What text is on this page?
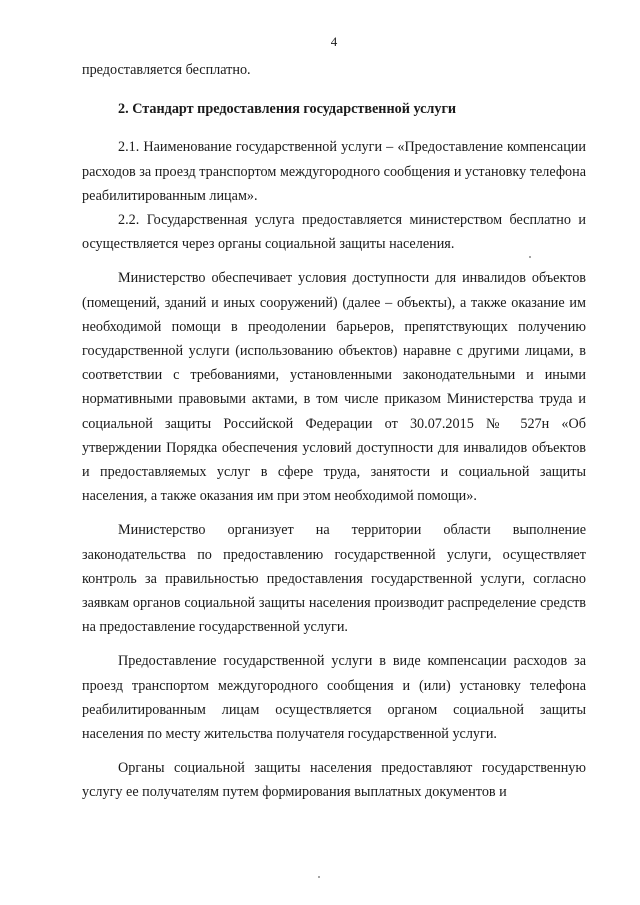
4

предоставляется бесплатно.

2. Стандарт предоставления государственной услуги

2.1. Наименование государственной услуги – «Предоставление компенсации расходов за проезд транспортом междугородного сообщения и установку телефона реабилитированным лицам».

2.2. Государственная услуга предоставляется министерством бесплатно и осуществляется через органы социальной защиты населения.

Министерство обеспечивает условия доступности для инвалидов объектов (помещений, зданий и иных сооружений) (далее – объекты), а также оказание им необходимой помощи в преодолении барьеров, препятствующих получению государственной услуги (использованию объектов) наравне с другими лицами, в соответствии с требованиями, установленными законодательными и иными нормативными правовыми актами, в том числе приказом Министерства труда и социальной защиты Российской Федерации от 30.07.2015 № 527н «Об утверждении Порядка обеспечения условий доступности для инвалидов объектов и предоставляемых услуг в сфере труда, занятости и социальной защиты населения, а также оказания им при этом необходимой помощи».

Министерство организует на территории области выполнение законодательства по предоставлению государственной услуги, осуществляет контроль за правильностью предоставления государственной услуги, согласно заявкам органов социальной защиты населения производит распределение средств на предоставление государственной услуги.

Предоставление государственной услуги в виде компенсации расходов за проезд транспортом междугородного сообщения и (или) установку телефона реабилитированным лицам осуществляется органом социальной защиты населения по месту жительства получателя государственной услуги.

Органы социальной защиты населения предоставляют государственную услугу ее получателям путем формирования выплатных документов и
